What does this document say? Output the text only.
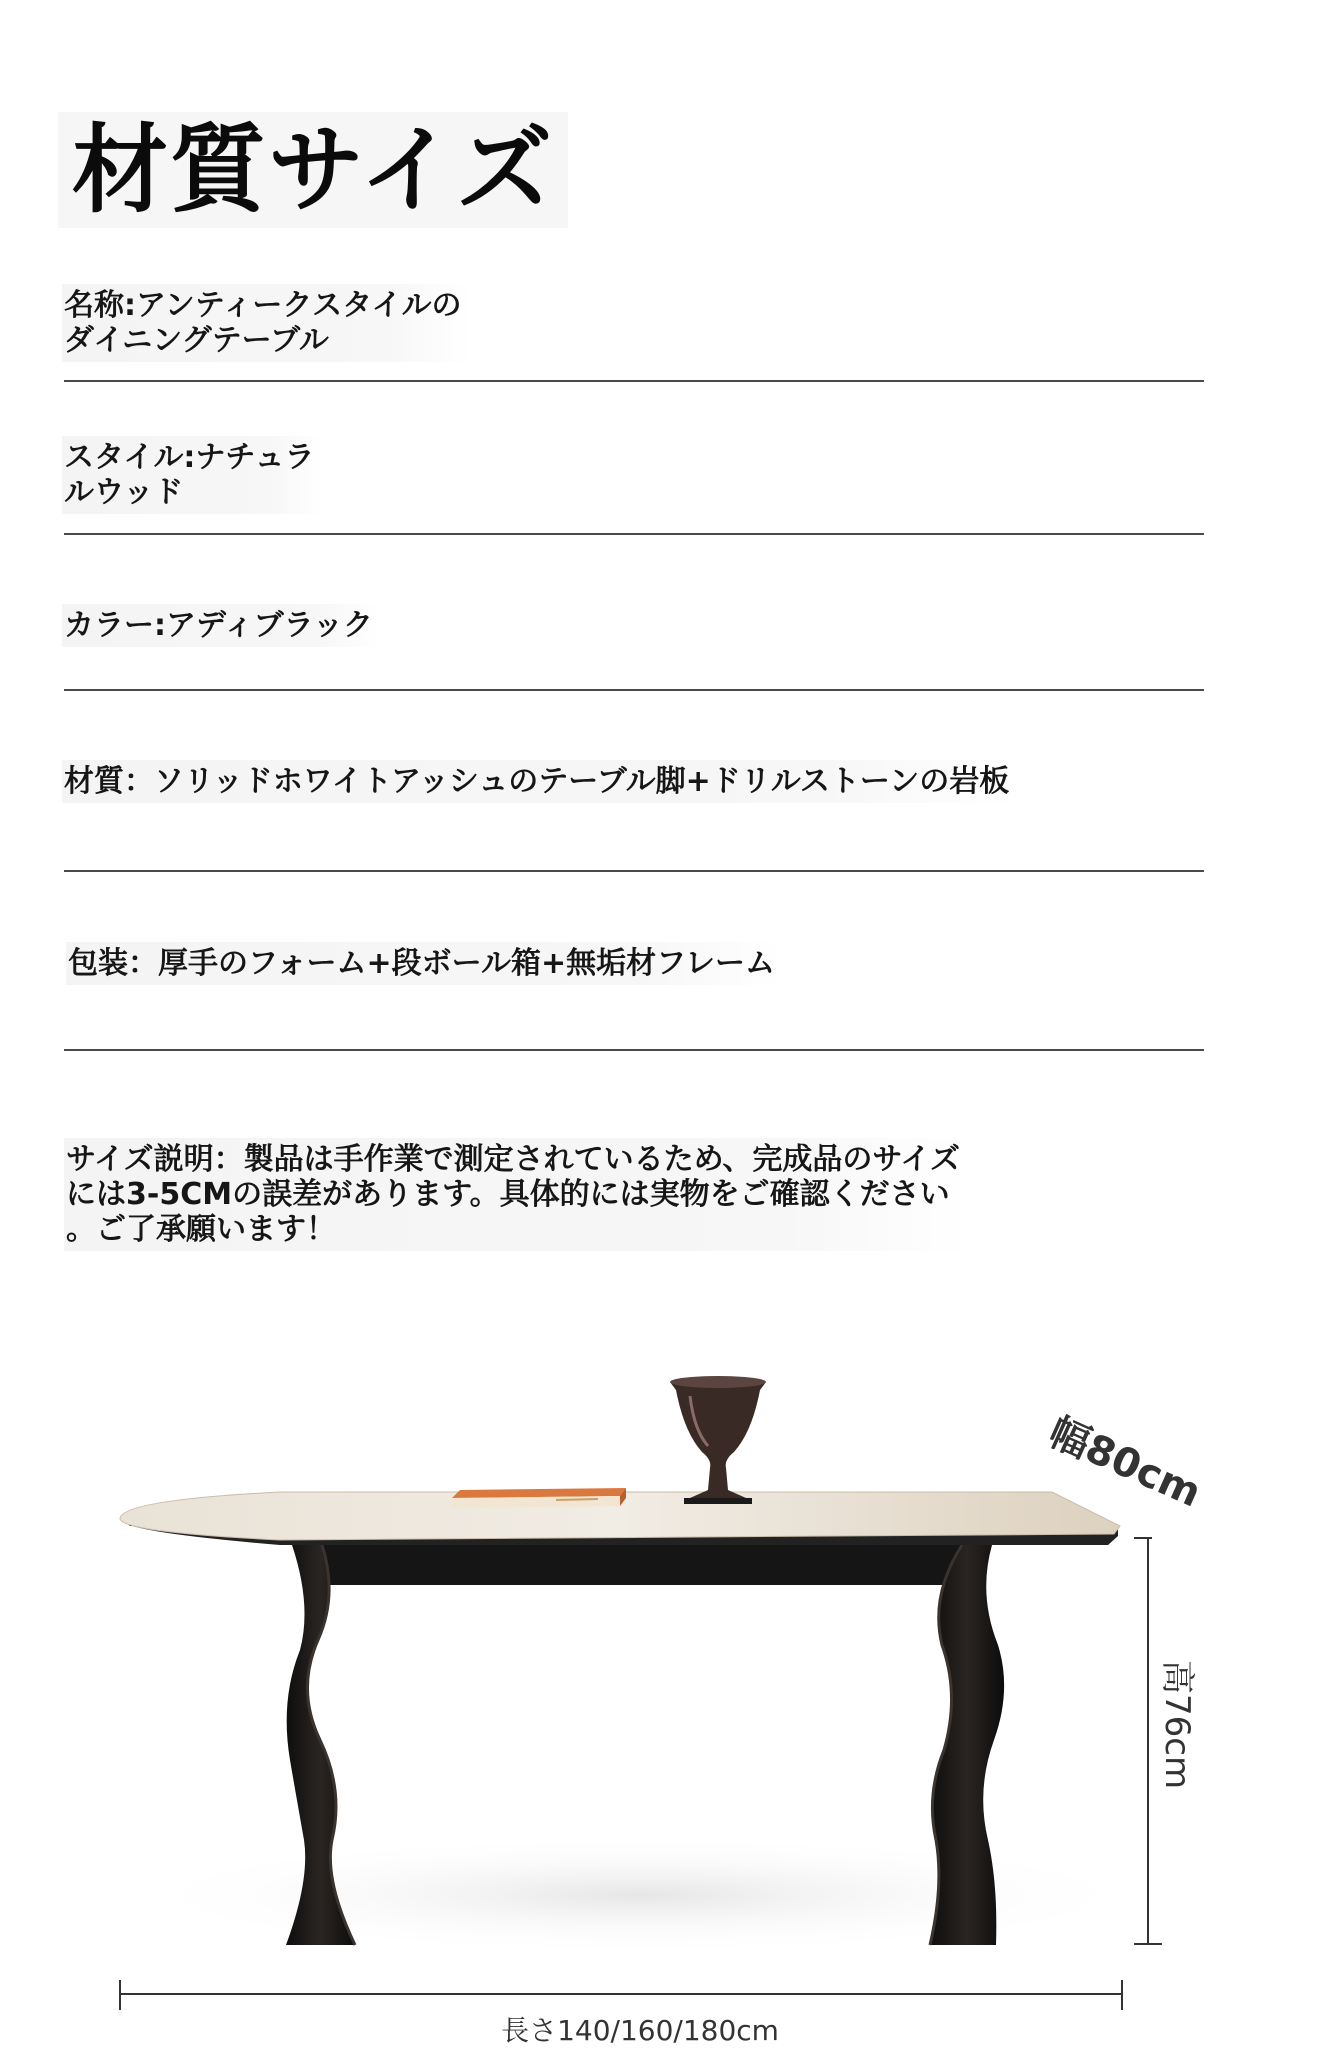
材質サイズ
名称:アンティークスタイルの
ダイニングテーブル
スタイル:ナチュラ
ルウッド
カラー:アディブラック
材質：ソリッドホワイトアッシュのテーブル脚+ドリルストーンの岩板
包装：厚手のフォーム+段ボール箱+無垢材フレーム
サイズ説明：製品は手作業で測定されているため、完成品のサイズ
には3-5CMの誤差があります。具体的には実物をご確認ください
。ご了承願います！
幅80cm
高76cm
長さ140/160/180cm
